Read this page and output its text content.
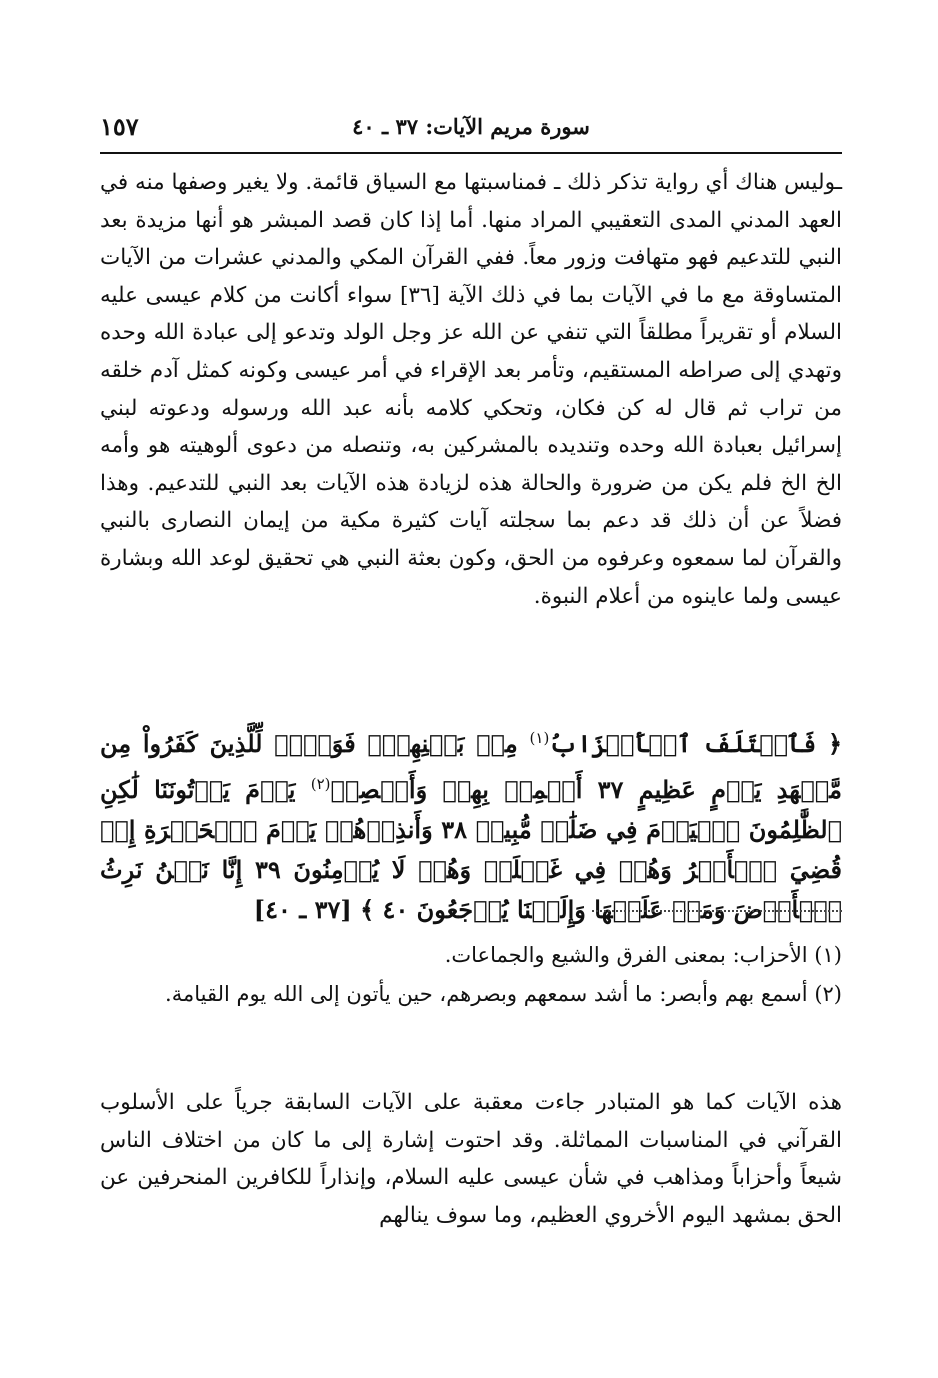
سورة مريم الآيات: ٣٧ ـ ٤٠
١٥٧

ـوليس هناك أي رواية تذكر ذلك ـ فمناسبتها مع السياق قائمة. ولا يغير وصفها منه في العهد المدني المدى التعقيبي المراد منها. أما إذا كان قصد المبشر هو أنها مزيدة بعد النبي للتدعيم فهو متهافت وزور معاً. ففي القرآن المكي والمدني عشرات من الآيات المتساوقة مع ما في الآيات بما في ذلك الآية [٣٦] سواء أكانت من كلام عيسى عليه السلام أو تقريراً مطلقاً التي تنفي عن الله عز وجل الولد وتدعو إلى عبادة الله وحده وتهدي إلى صراطه المستقيم، وتأمر بعد الإقراء في أمر عيسى وكونه كمثل آدم خلقه من تراب ثم قال له كن فكان، وتحكي كلامه بأنه عبد الله ورسوله ودعوته لبني إسرائيل بعبادة الله وحده وتنديده بالمشركين به، وتنصله من دعوى ألوهيته هو وأمه الخ الخ فلم يكن من ضرورة والحالة هذه لزيادة هذه الآيات بعد النبي للتدعيم. وهذا فضلاً عن أن ذلك قد دعم بما سجلته آيات كثيرة مكية من إيمان النصارى بالنبي والقرآن لما سمعوه وعرفوه من الحق، وكون بعثة النبي هي تحقيق لوعد الله وبشارة عيسى ولما عاينوه من أعلام النبوة.

﴿ فَٱخۡتَلَفَ ٱلۡأَحۡزَابُ$^{(١)}$ مِنۢ بَيۡنِهِمۡۖ فَوَيۡلٞ لِّلَّذِينَ كَفَرُواْ مِن مَّشۡهَدِ يَوۡمٍ عَظِيمٍ ٣٧ أَسۡمِعۡ بِهِمۡ وَأَبۡصِرۡ$^{(٢)}$ يَوۡمَ يَأۡتُونَنَا لَٰكِنِ ٱلظَّٰلِمُونَ ٱلۡيَوۡمَ فِي ضَلَٰلٖ مُّبِينٖ ٣٨ وَأَنذِرۡهُمۡ يَوۡمَ ٱلۡحَسۡرَةِ إِذۡ قُضِيَ ٱلۡأَمۡرُ وَهُمۡ فِي غَفۡلَةٖ وَهُمۡ لَا يُؤۡمِنُونَ ٣٩ إِنَّا نَحۡنُ نَرِثُ ٱلۡأَرۡضَ وَمَنۡ عَلَيۡهَا وَإِلَيۡنَا يُرۡجَعُونَ ٤٠ ﴾ [٣٧ ـ ٤٠]

(١) الأحزاب: بمعنى الفرق والشيع والجماعات.

(٢) أسمع بهم وأبصر: ما أشد سمعهم وبصرهم، حين يأتون إلى الله يوم القيامة.

هذه الآيات كما هو المتبادر جاءت معقبة على الآيات السابقة جرياً على الأسلوب القرآني في المناسبات المماثلة. وقد احتوت إشارة إلى ما كان من اختلاف الناس شيعاً وأحزاباً ومذاهب في شأن عيسى عليه السلام، وإنذاراً للكافرين المنحرفين عن الحق بمشهد اليوم الأخروي العظيم، وما سوف ينالهم
